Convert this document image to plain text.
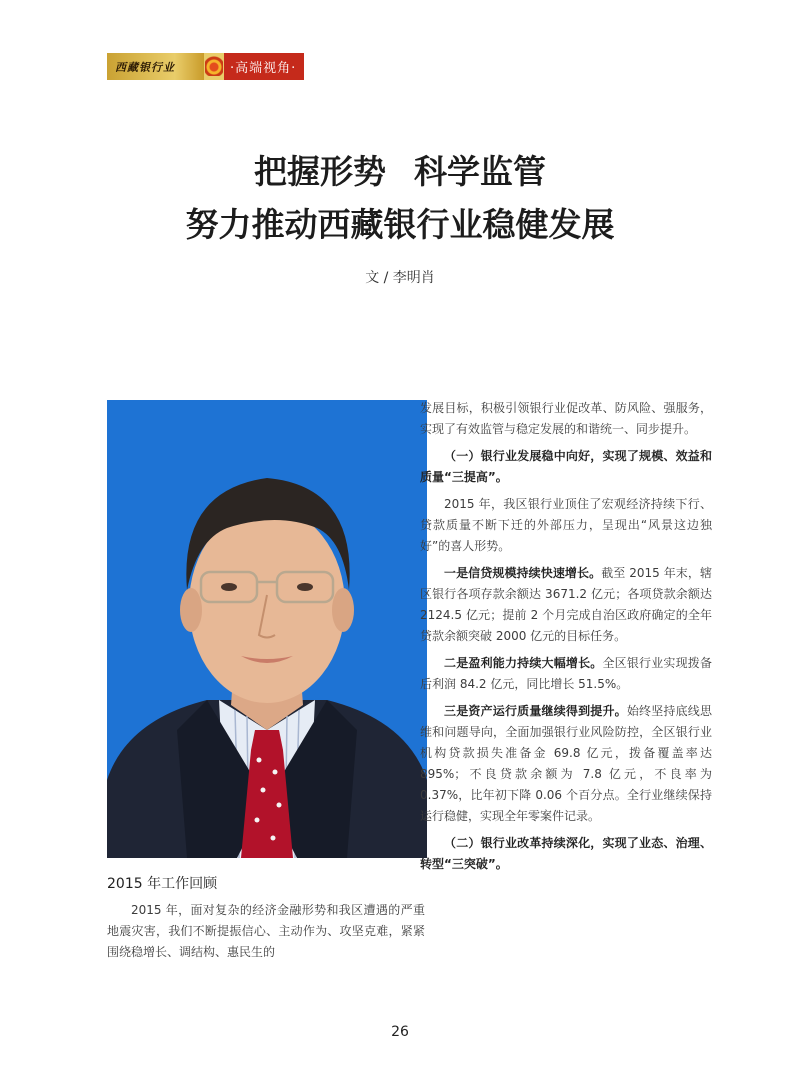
西藏银行业	·高端视角·
把握形势 科学监管
努力推动西藏银行业稳健发展
文 / 李明肖

发展目标，积极引领银行业促改革、防风险、强服务，实现了有效监管与稳定发展的和谐统一、同步提升。

（一）银行业发展稳中向好，实现了规模、效益和质量“三提高”。

2015 年，我区银行业顶住了宏观经济持续下行、贷款质量不断下迁的外部压力，呈现出“风景这边独好”的喜人形势。

一是信贷规模持续快速增长。截至 2015 年末，辖区银行各项存款余额达 3671.2 亿元；各项贷款余额达 2124.5 亿元；提前 2 个月完成自治区政府确定的全年贷款余额突破 2000 亿元的目标任务。

二是盈利能力持续大幅增长。全区银行业实现拨备后利润 84.2 亿元，同比增长 51.5%。

三是资产运行质量继续得到提升。始终坚持底线思维和问题导向，全面加强银行业风险防控，全区银行业机构贷款损失准备金 69.8 亿元，拨备覆盖率达 895%；不良贷款余额为 7.8 亿元，不良率为 0.37%，比年初下降 0.06 个百分点。全行业继续保持运行稳健，实现全年零案件记录。

（二）银行业改革持续深化，实现了业态、治理、转型“三突破”。

2015 年工作回顾

2015 年，面对复杂的经济金融形势和我区遭遇的严重地震灾害，我们不断提振信心、主动作为、攻坚克难，紧紧围绕稳增长、调结构、惠民生的

26
